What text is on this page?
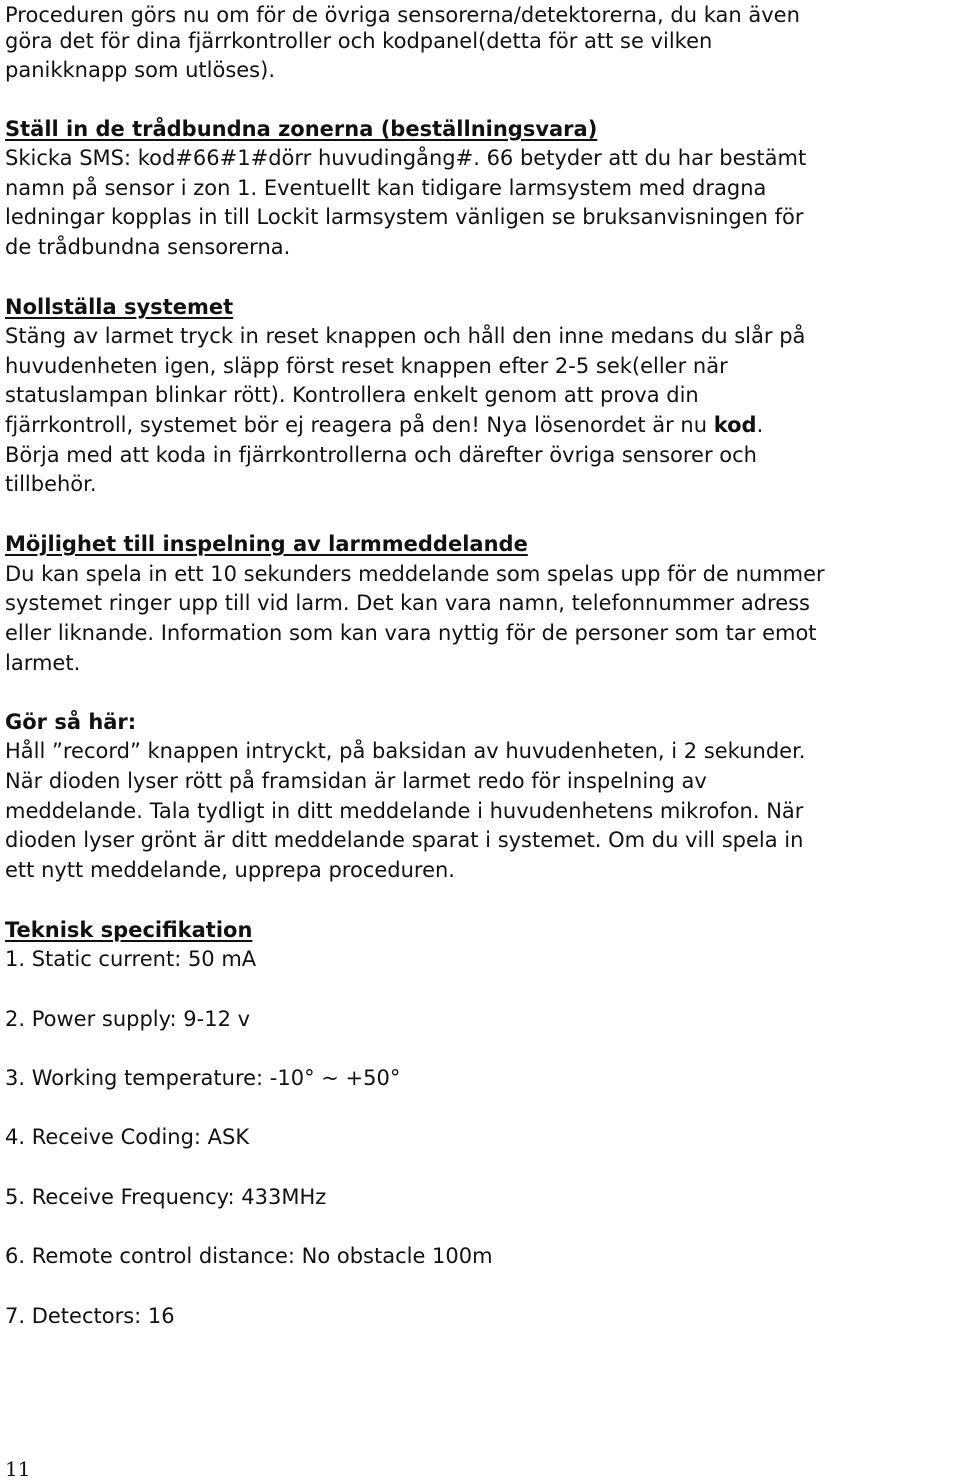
Proceduren görs nu om för de övriga sensorerna/detektorerna, du kan även
göra det för dina fjärrkontroller och kodpanel(detta för att se vilken
panikknapp som utlöses).
Ställ in de trådbundna zonerna (beställningsvara)
Skicka SMS: kod#66#1#dörr huvudingång#. 66 betyder att du har bestämt
namn på sensor i zon 1. Eventuellt kan tidigare larmsystem med dragna
ledningar kopplas in till Lockit larmsystem vänligen se bruksanvisningen för
de trådbundna sensorerna.
Nollställa systemet
Stäng av larmet tryck in reset knappen och håll den inne medans du slår på
huvudenheten igen, släpp först reset knappen efter 2-5 sek(eller när
statuslampan blinkar rött). Kontrollera enkelt genom att prova din
fjärrkontroll, systemet bör ej reagera på den! Nya lösenordet är nu kod.
Börja med att koda in fjärrkontrollerna och därefter övriga sensorer och
tillbehör.
Möjlighet till inspelning av larmmeddelande
Du kan spela in ett 10 sekunders meddelande som spelas upp för de nummer
systemet ringer upp till vid larm. Det kan vara namn, telefonnummer adress
eller liknande. Information som kan vara nyttig för de personer som tar emot
larmet.
Gör så här:
Håll ”record” knappen intryckt, på baksidan av huvudenheten, i 2 sekunder.
När dioden lyser rött på framsidan är larmet redo för inspelning av
meddelande. Tala tydligt in ditt meddelande i huvudenhetens mikrofon. När
dioden lyser grönt är ditt meddelande sparat i systemet. Om du vill spela in
ett nytt meddelande, upprepa proceduren.
Teknisk specifikation
1. Static current: 50 mA
2. Power supply: 9-12 v
3. Working temperature: -10° ~ +50°
4. Receive Coding: ASK
5. Receive Frequency: 433MHz
6. Remote control distance: No obstacle 100m
7. Detectors: 16
11
